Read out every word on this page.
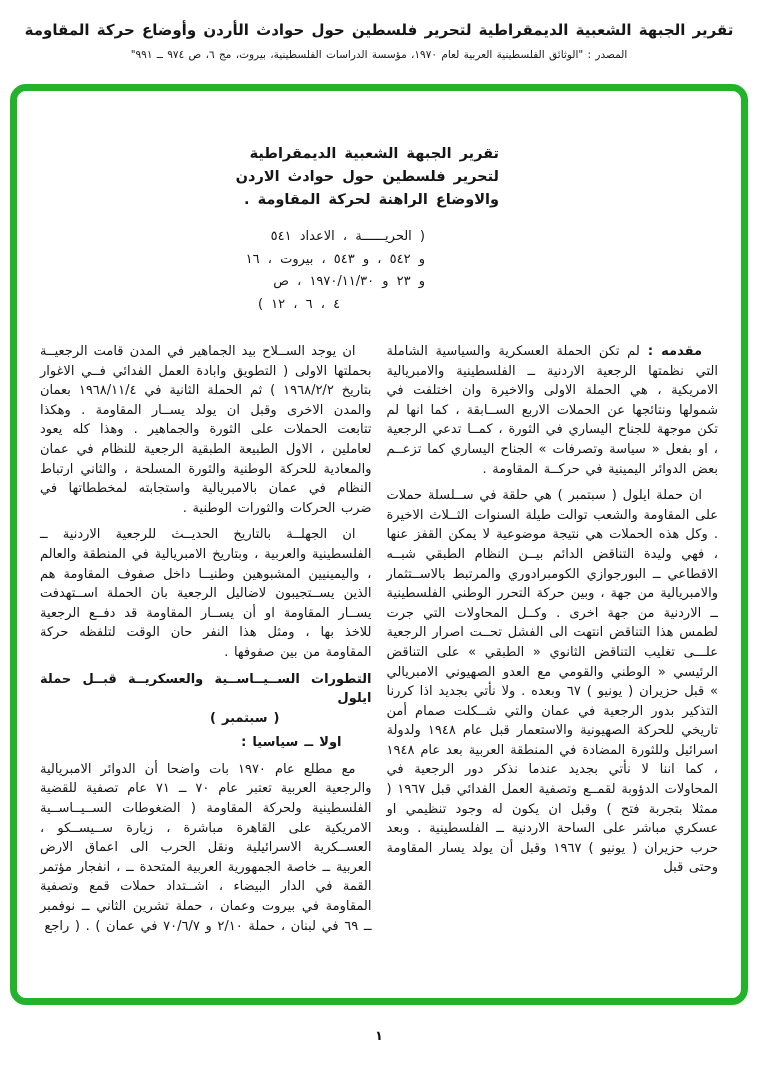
تقرير الجبهة الشعبية الديمقراطية لتحرير فلسطين حول حوادث الأردن وأوضاع حركة المقاومة
المصدر : "الوثائق الفلسطينية العربية لعام ١٩٧٠، مؤسسة الدراسات الفلسطينية، بيروت، مج ٦، ص ٩٧٤ ــ ٩٩١"
تقرير الجبهة الشعبية الديمقراطية لتحرير فلسطين حول حوادث الاردن والاوضاع الراهنة لحركة المقاومة .
( الحريــــــة ، الاعداد ٥٤١
و ٥٤٢ ، و ٥٤٣ ، بيروت ، ١٦
و ٢٣ و ١٩٧٠/١١/٣٠ ، ص
٤ ، ٦ ، ١٢ )

مقدمه : لم تكن الحملة العسكرية والسياسية الشاملة التي نظمتها الرجعية الاردنية ــ الفلسطينية والامبريالية الامريكية ، هي الحملة الاولى والاخيرة وان اختلفت في شمولها ونتائجها عن الحملات الاربع الســابقة ، كما انها لم تكن موجهة للجناح اليساري في الثورة ، كمــا تدعي الرجعية ، او بفعل « سياسة وتصرفات » الجناح اليساري كما تزعــم بعض الدوائر اليمينية في حركــة المقاومة .

ان حملة ايلول ( سبتمبر ) هي حلقة في ســلسلة حملات على المقاومة والشعب توالت طيلة السنوات الثــلاث الاخيرة . وكل هذه الحملات هي نتيجة موضوعية لا يمكن القفز عنها ، فهي وليدة التناقض الدائم بيــن النظام الطبقي شبــه الاقطاعي ــ البورجوازي الكومبرادوري والمرتبط بالاســتثمار والامبريالية من جهة ، وبين حركة التحرر الوطني الفلسطينية ــ الاردنية من جهة اخرى . وكــل المحاولات التي جرت لطمس هذا التناقض انتهت الى الفشل تحــت اصرار الرجعية علـــى تغليب التناقض الثانوي « الطبقي » على التناقض الرئيسي « الوطني والقومي مع العدو الصهيوني الامبريالي » قبل حزيران ( يونيو ) ٦٧ وبعده . ولا نأتي بجديد اذا كررنا التذكير بدور الرجعية في عمان والتي شــكلت صمام أمن تاريخي للحركة الصهيونية والاستعمار قبل عام ١٩٤٨ ولدولة اسرائيل وللثورة المضادة في المنطقة العربية بعد عام ١٩٤٨ ، كما اننا لا نأتي بجديد عندما نذكر دور الرجعية في المحاولات الدؤوبة لقمــع وتصفية العمل الفدائي قبل ١٩٦٧ ( ممثلا بتجربة فتح ) وقبل ان يكون له وجود تنظيمي او عسكري مباشر على الساحة الاردنية ــ الفلسطينية . وبعد حرب حزيران ( يونيو ) ١٩٦٧ وقبل أن يولد يسار المقاومة وحتى قبل

ان يوجد الســلاح بيد الجماهير في المدن قامت الرجعيــة بحملتها الاولى ( التطويق وابادة العمل الفدائي فــي الاغوار بتاريخ ١٩٦٨/٢/٢ ) ثم الحملة الثانية في ١٩٦٨/١١/٤ بعمان والمدن الاخرى وقبل ان يولد يســار المقاومة . وهكذا تتابعت الحملات على الثورة والجماهير . وهذا كله يعود لعاملين ، الاول الطبيعة الطبقية الرجعية للنظام في عمان والمعادية للحركة الوطنية والثورة المسلحة ، والثاني ارتباط النظام في عمان بالامبريالية واستجابته لمخططاتها في ضرب الحركات والثورات الوطنية .

ان الجهلــة بالتاريخ الحديــث للرجعية الاردنية ــ الفلسطينية والعربية ، وبتاريخ الامبريالية في المنطقة والعالم ، واليمينيين المشبوهين وطنيــا داخل صفوف المقاومة هم الذين يســتجيبون لاضاليل الرجعية بان الحملة اســتهدفت يســار المقاومة او أن يســار المقاومة قد دفــع الرجعية للاخذ بها ، ومثل هذا النفر حان الوقت لتلفظه حركة المقاومة من بين صفوفها .

التطورات الســيــاســية والعسكريــة قبــل حملة ايلول
( سبتمبر )
اولا ــ سياسيا :

مع مطلع عام ١٩٧٠ بات واضحا أن الدوائر الامبريالية والرجعية العربية تعتبر عام ٧٠ ــ ٧١ عام تصفية للقضية الفلسطينية ولحركة المقاومة ( الضغوطات الســيــاســية الامريكية على القاهرة مباشرة ، زيارة ســيســكو ، العســكرية الاسرائيلية ونقل الحرب الى اعماق الارض العربية ــ خاصة الجمهورية العربية المتحدة ــ ، انفجار مؤتمر القمة في الدار البيضاء ، اشــتداد حملات قمع وتصفية المقاومة في بيروت وعمان ، حملة تشرين الثاني ــ نوفمبر ــ ٦٩ في لبنان ، حملة ٢/١٠ و ٧٠/٦/٧ في عمان ) . ( راجع

١
